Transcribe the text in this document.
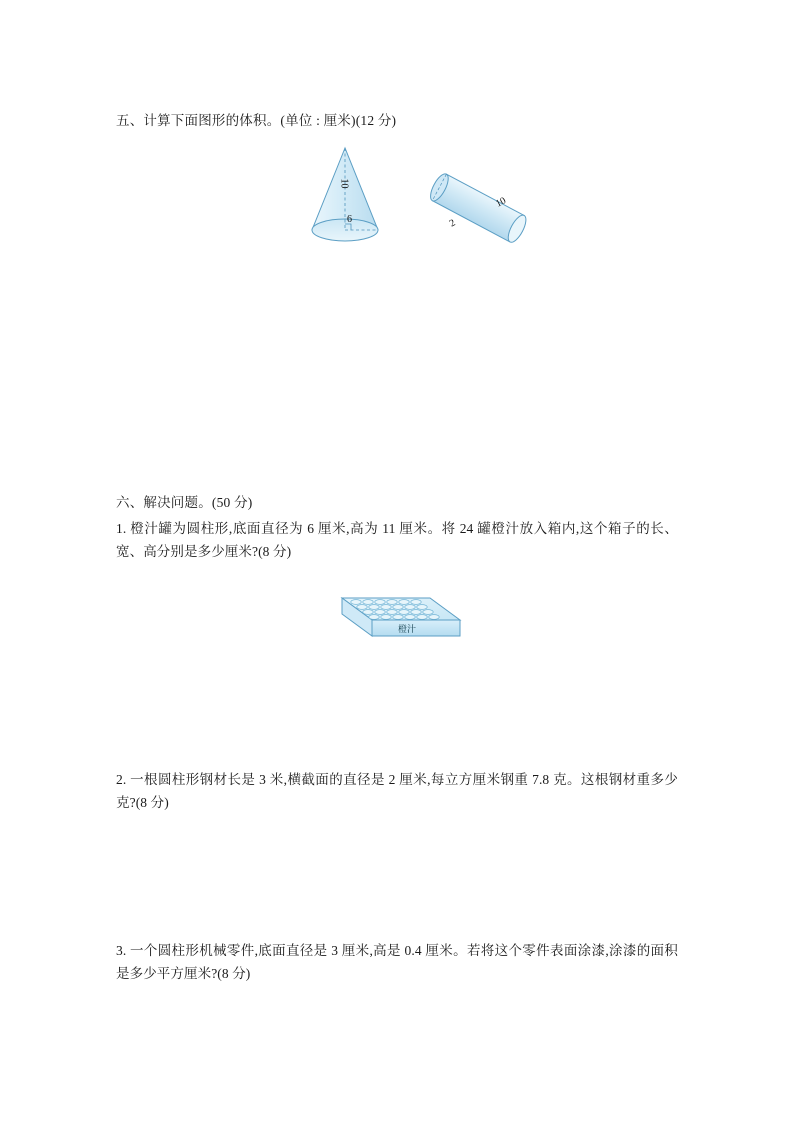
五、计算下面图形的体积。(单位 : 厘米)(12 分)

10
6	2
10

六、解决问题。(50 分)

1. 橙汁罐为圆柱形,底面直径为 6 厘米,高为 11 厘米。将 24 罐橙汁放入箱内,这个箱子的长、宽、高分别是多少厘米?(8 分)

橙汁

2. 一根圆柱形钢材长是 3 米,横截面的直径是 2 厘米,每立方厘米钢重 7.8 克。这根钢材重多少克?(8 分)

3. 一个圆柱形机械零件,底面直径是 3 厘米,高是 0.4 厘米。若将这个零件表面涂漆,涂漆的面积是多少平方厘米?(8 分)
